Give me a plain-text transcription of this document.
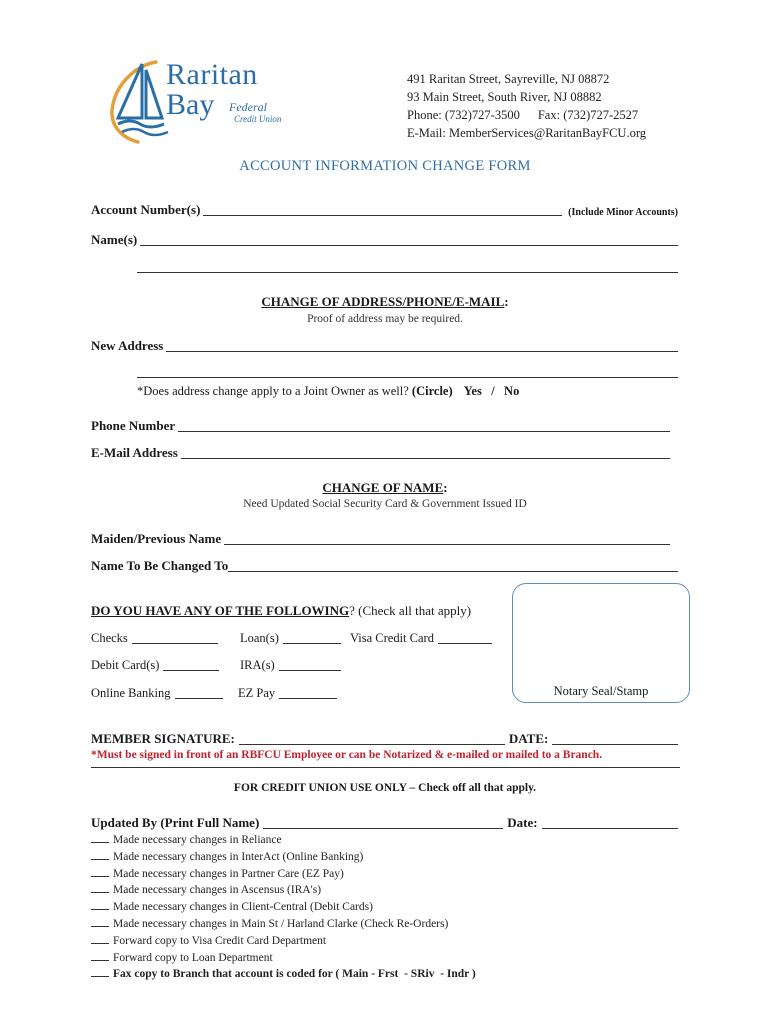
Raritan
Bay Federal
Credit Union
491 Raritan Street, Sayreville, NJ 08872
93 Main Street, South River, NJ 08882
Phone: (732)727-3500 Fax: (732)727-2527
E-Mail: MemberServices@RaritanBayFCU.org
ACCOUNT INFORMATION CHANGE FORM
Account Number(s)	(Include Minor Accounts)
Name(s)
CHANGE OF ADDRESS/PHONE/E-MAIL:
Proof of address may be required.
New Address
*Does address change apply to a Joint Owner as well? (Circle) Yes   /   No
Phone Number
E-Mail Address
CHANGE OF NAME:
Need Updated Social Security Card & Government Issued ID
Maiden/Previous Name
Name To Be Changed To
DO YOU HAVE ANY OF THE FOLLOWING? (Check all that apply)
Checks	Loan(s)	Visa Credit Card
Debit Card(s)	IRA(s)
Online Banking	EZ Pay	Notary Seal/Stamp
MEMBER SIGNATURE:	DATE:
*Must be signed in front of an RBFCU Employee or can be Notarized & e-mailed or mailed to a Branch.
FOR CREDIT UNION USE ONLY – Check off all that apply.
Updated By (Print Full Name)	Date:
Made necessary changes in Reliance
Made necessary changes in InterAct (Online Banking)
Made necessary changes in Partner Care (EZ Pay)
Made necessary changes in Ascensus (IRA's)
Made necessary changes in Client-Central (Debit Cards)
Made necessary changes in Main St / Harland Clarke (Check Re-Orders)
Forward copy to Visa Credit Card Department
Forward copy to Loan Department
Fax copy to Branch that account is coded for ( Main - Frst  - SRiv  - Indr )
